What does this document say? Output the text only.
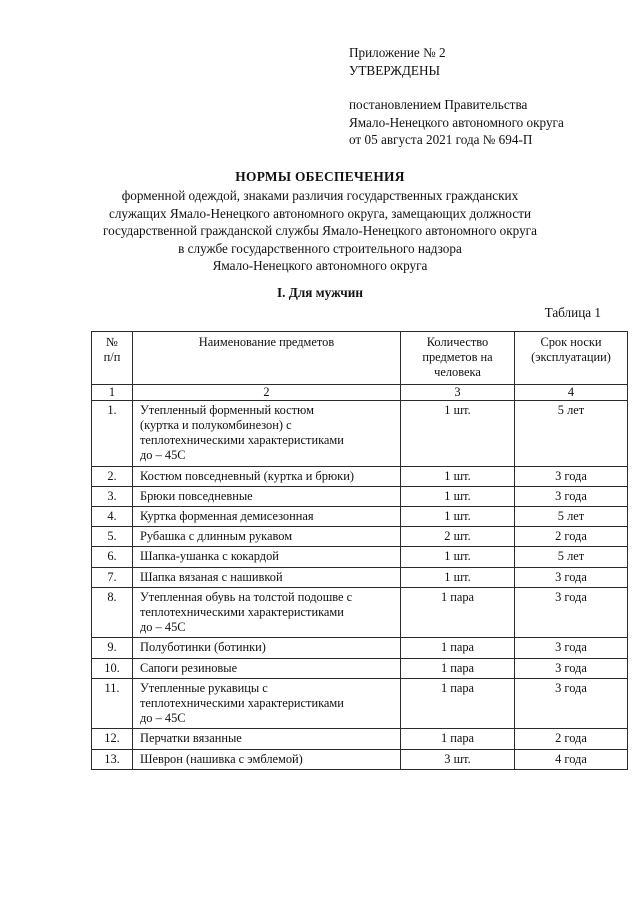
Приложение № 2
УТВЕРЖДЕНЫ
постановлением Правительства
Ямало-Ненецкого автономного округа
от 05 августа 2021 года № 694-П
НОРМЫ ОБЕСПЕЧЕНИЯ
форменной одеждой, знаками различия государственных гражданских
служащих Ямало-Ненецкого автономного округа, замещающих должности
государственной гражданской службы Ямало-Ненецкого автономного округа
в службе государственного строительного надзора
Ямало-Ненецкого автономного округа
I. Для мужчин
Таблица 1
№
п/п	Наименование предметов	Количество
предметов на
человека	Срок носки
(эксплуатации)

1	2	3	4
1.	Утепленный форменный костюм
(куртка и полукомбинезон) с
теплотехническими характеристиками
до – 45С	1 шт.	5 лет
2.	Костюм повседневный (куртка и брюки)	1 шт.	3 года
3.	Брюки повседневные	1 шт.	3 года
4.	Куртка форменная демисезонная	1 шт.	5 лет
5.	Рубашка с длинным рукавом	2 шт.	2 года
6.	Шапка-ушанка с кокардой	1 шт.	5 лет
7.	Шапка вязаная с нашивкой	1 шт.	3 года
8.	Утепленная обувь на толстой подошве с
теплотехническими характеристиками
до – 45С	1 пара	3 года
9.	Полуботинки (ботинки)	1 пара	3 года
10.	Сапоги резиновые	1 пара	3 года
11.	Утепленные рукавицы с
теплотехническими характеристиками
до – 45С	1 пара	3 года
12.	Перчатки вязанные	1 пара	2 года
13.	Шеврон (нашивка с эмблемой)	3 шт.	4 года
